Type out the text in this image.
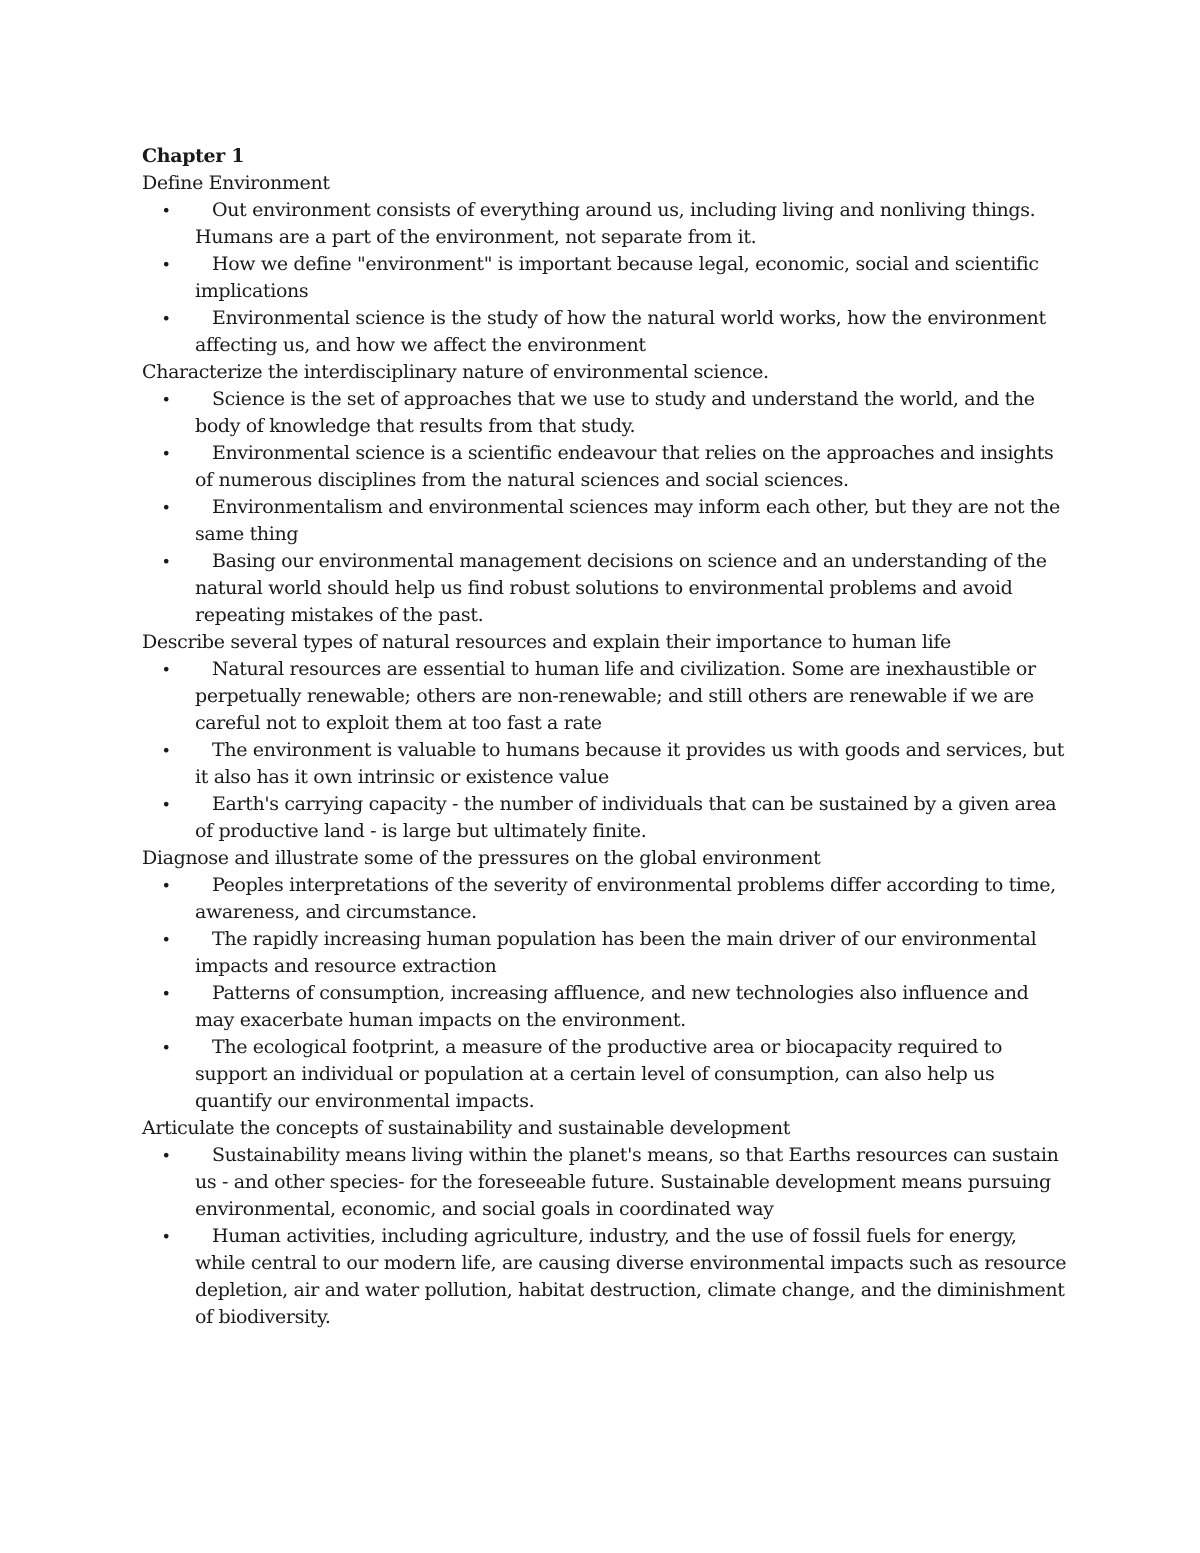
Chapter 1
Define Environment
•	Out environment consists of everything around us, including living and nonliving things. Humans are a part of the environment, not separate from it.
•	How we define "environment" is important because legal, economic, social and scientific implications
•	Environmental science is the study of how the natural world works, how the environment affecting us, and how we affect the environment
Characterize the interdisciplinary nature of environmental science.
•	Science is the set of approaches that we use to study and understand the world, and the body of knowledge that results from that study.
•	Environmental science is a scientific endeavour that relies on the approaches and insights of numerous disciplines from the natural sciences and social sciences.
•	Environmentalism and environmental sciences may inform each other, but they are not the same thing
•	Basing our environmental management decisions on science and an understanding of the natural world should help us find robust solutions to environmental problems and avoid repeating mistakes of the past.
Describe several types of natural resources and explain their importance to human life
•	Natural resources are essential to human life and civilization. Some are inexhaustible or perpetually renewable; others are non-renewable; and still others are renewable if we are careful not to exploit them at too fast a rate
•	The environment is valuable to humans because it provides us with goods and services, but it also has it own intrinsic or existence value
•	Earth's carrying capacity - the number of individuals that can be sustained by a given area of productive land - is large but ultimately finite.
Diagnose and illustrate some of the pressures on the global environment
•	Peoples interpretations of the severity of environmental problems differ according to time, awareness, and circumstance.
•	The rapidly increasing human population has been the main driver of our environmental impacts and resource extraction
•	Patterns of consumption, increasing affluence, and new technologies also influence and may exacerbate human impacts on the environment.
•	The ecological footprint, a measure of the productive area or biocapacity required to support an individual or population at a certain level of consumption, can also help us quantify our environmental impacts.
Articulate the concepts of sustainability and sustainable development
•	Sustainability means living within the planet's means, so that Earths resources can sustain us - and other species- for the foreseeable future. Sustainable development means pursuing environmental, economic, and social goals in coordinated way
•	Human activities, including agriculture, industry, and the use of fossil fuels for energy, while central to our modern life, are causing diverse environmental impacts such as resource depletion, air and water pollution, habitat destruction, climate change, and the diminishment of biodiversity.
